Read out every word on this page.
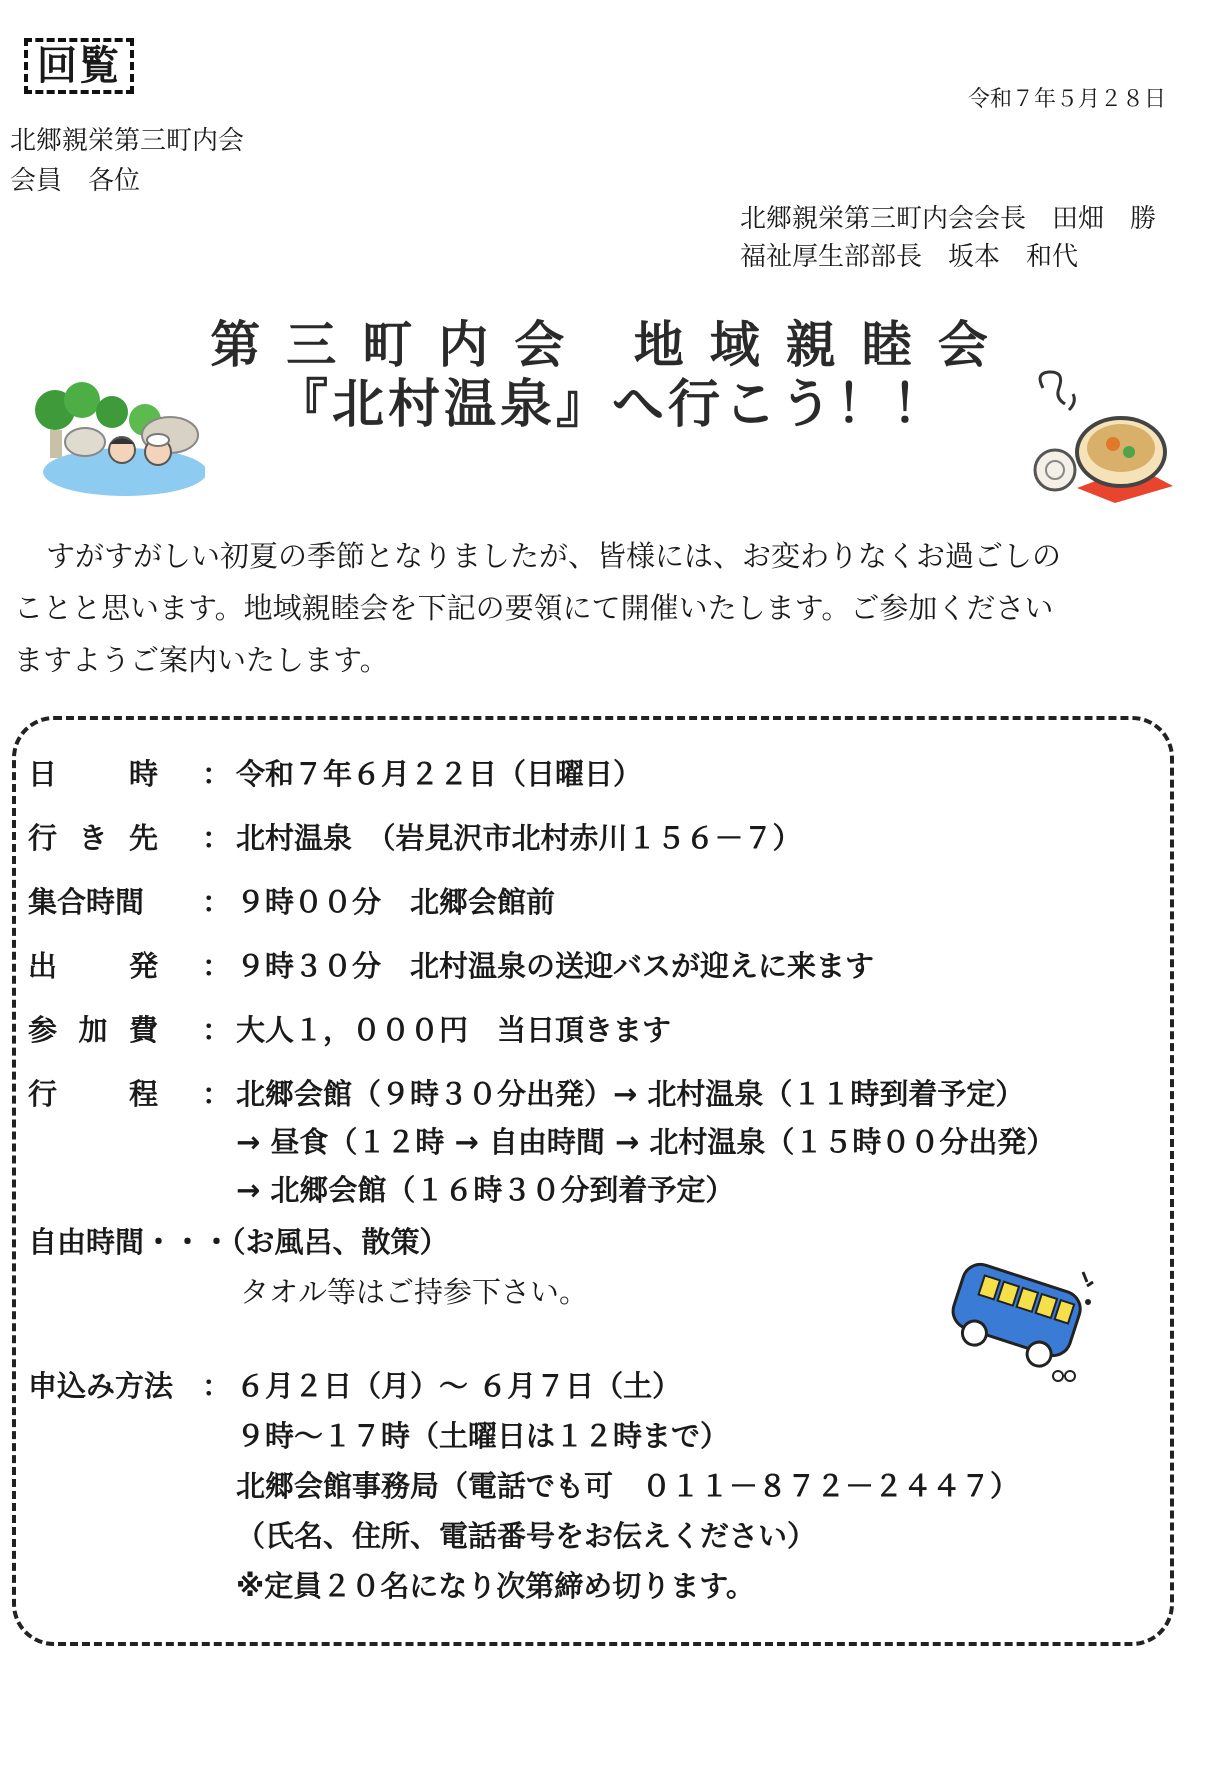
回覧
令和７年５月２８日
北郷親栄第三町内会
会員　各位
北郷親栄第三町内会会長　田畑　勝
福祉厚生部部長　坂本　和代
第三町内会 地域親睦会
『北村温泉』へ行こう！！

すがすがしい初夏の季節となりましたが、皆様には、お変わりなくお過ごしの

ことと思います。地域親睦会を下記の要領にて開催いたします。ご参加ください

ますようご案内いたします。

日 時 ： 令和７年６月２２日（日曜日）
行 き 先 ： 北村温泉　（岩見沢市北村赤川１５６－７）
集合時間 ： ９時００分　北郷会館前
出 発 ： ９時３０分　北村温泉の送迎バスが迎えに来ます
参 加 費 ： 大人１，０００円　当日頂きます
行 程 ： 北郷会館（９時３０分出発）→ 北村温泉（１１時到着予定）
→ 昼食（１２時 → 自由時間 → 北村温泉（１５時００分出発）
→ 北郷会館（１６時３０分到着予定）
自由時間・・・（お風呂、散策）
タオル等はご持参下さい。
申込み方法 ： ６月２日（月）～ ６月７日（土）
９時～１７時（土曜日は１２時まで）
北郷会館事務局（電話でも可　０１１－８７２－２４４７）
（氏名、住所、電話番号をお伝えください）
※定員２０名になり次第締め切ります。
